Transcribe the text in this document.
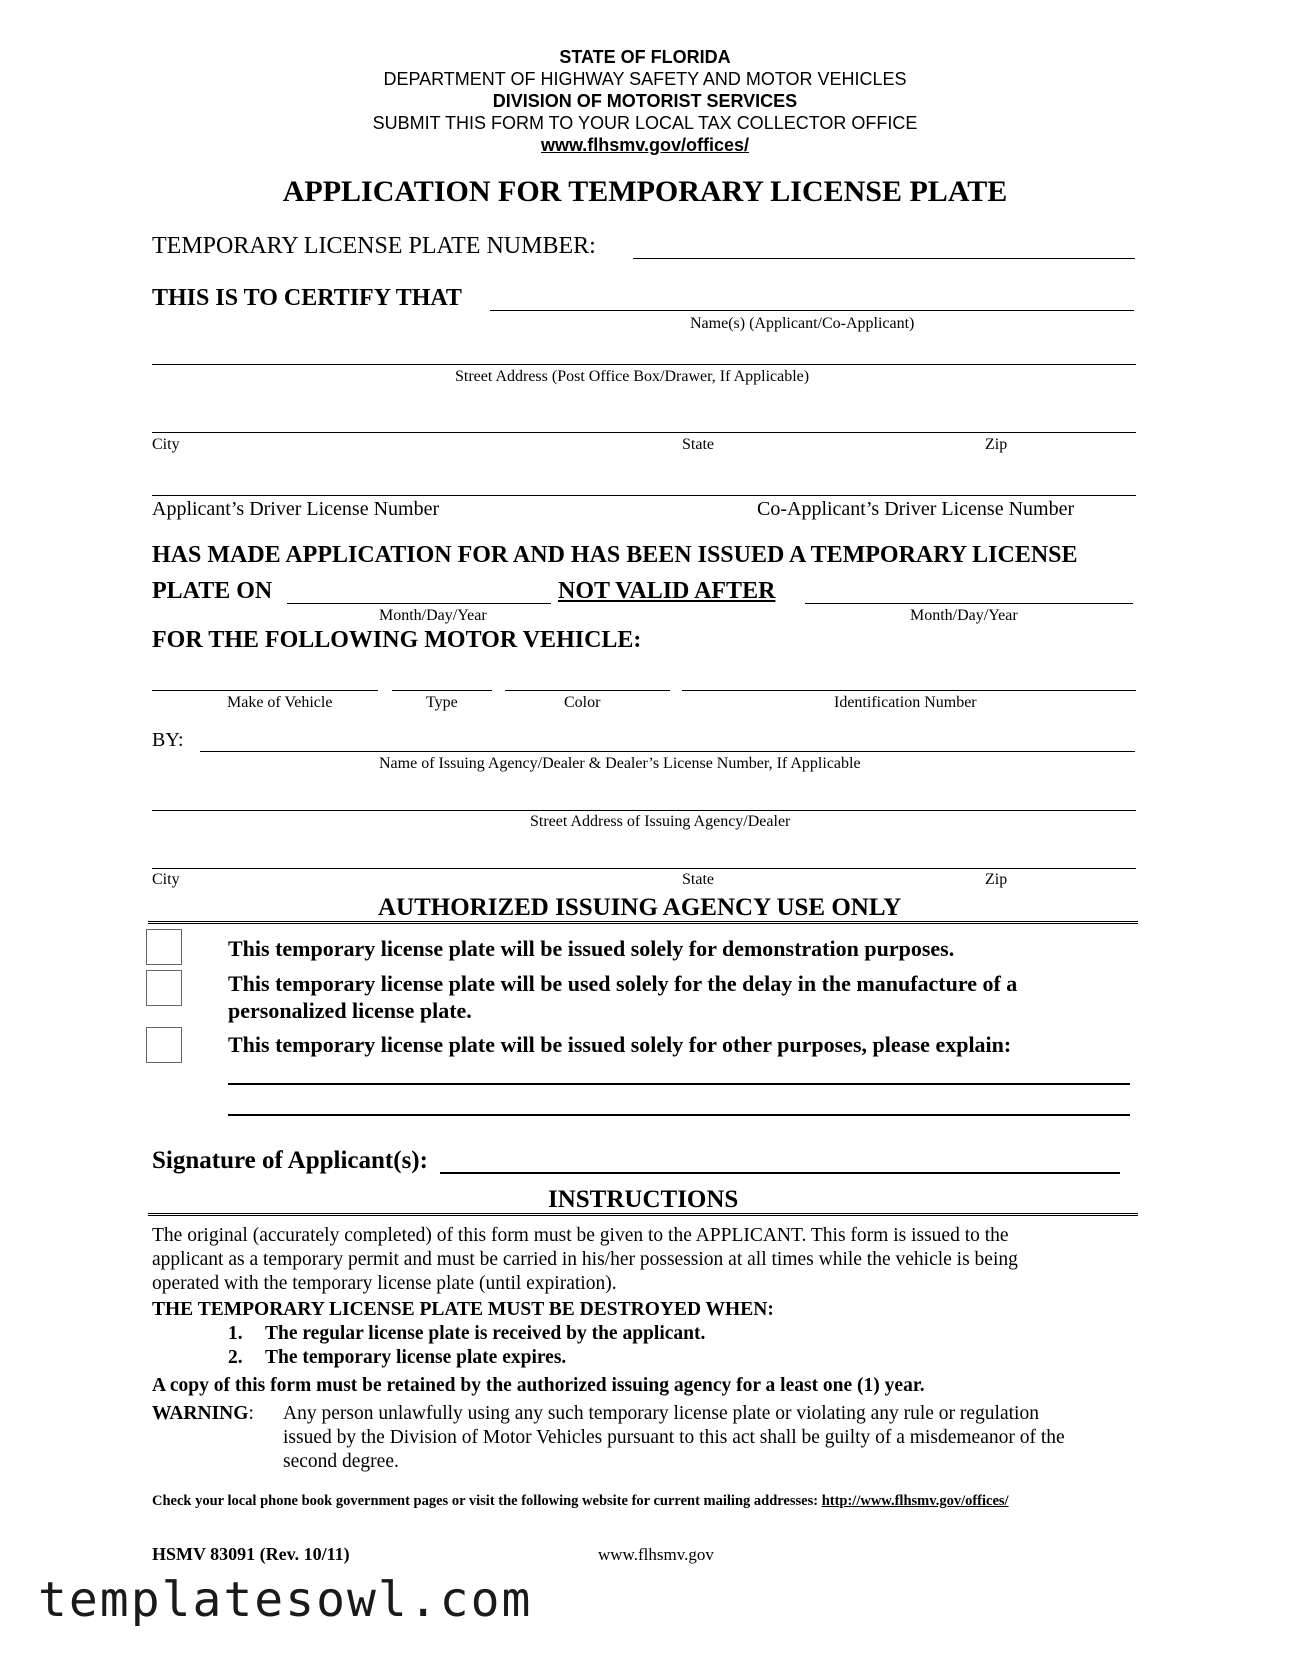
STATE OF FLORIDA
DEPARTMENT OF HIGHWAY SAFETY AND MOTOR VEHICLES
DIVISION OF MOTORIST SERVICES
SUBMIT THIS FORM TO YOUR LOCAL TAX COLLECTOR OFFICE
www.flhsmv.gov/offices/
APPLICATION FOR TEMPORARY LICENSE PLATE
TEMPORARY LICENSE PLATE NUMBER:
THIS IS TO CERTIFY THAT
Name(s) (Applicant/Co-Applicant)
Street Address (Post Office Box/Drawer, If Applicable)
City	State	Zip
Applicant’s Driver License Number	Co-Applicant’s Driver License Number
HAS MADE APPLICATION FOR AND HAS BEEN ISSUED A TEMPORARY LICENSE
PLATE ON	NOT VALID AFTER
Month/Day/Year	Month/Day/Year
FOR THE FOLLOWING MOTOR VEHICLE:
Make of Vehicle	Type	Color	Identification Number
BY:
Name of Issuing Agency/Dealer & Dealer’s License Number, If Applicable
Street Address of Issuing Agency/Dealer
City	State	Zip
AUTHORIZED ISSUING AGENCY USE ONLY
This temporary license plate will be issued solely for demonstration purposes.
This temporary license plate will be used solely for the delay in the manufacture of a
personalized license plate.
This temporary license plate will be issued solely for other purposes, please explain:
Signature of Applicant(s):
INSTRUCTIONS
The original (accurately completed) of this form must be given to the APPLICANT. This form is issued to the
applicant as a temporary permit and must be carried in his/her possession at all times while the vehicle is being
operated with the temporary license plate (until expiration).
THE TEMPORARY LICENSE PLATE MUST BE DESTROYED WHEN:
1. The regular license plate is received by the applicant.
2. The temporary license plate expires.
A copy of this form must be retained by the authorized issuing agency for a least one (1) year.
WARNING: Any person unlawfully using any such temporary license plate or violating any rule or regulation
issued by the Division of Motor Vehicles pursuant to this act shall be guilty of a misdemeanor of the
second degree.
Check your local phone book government pages or visit the following website for current mailing addresses: http://www.flhsmv.gov/offices/
HSMV 83091 (Rev. 10/11)	www.flhsmv.gov
templatesowl.com
